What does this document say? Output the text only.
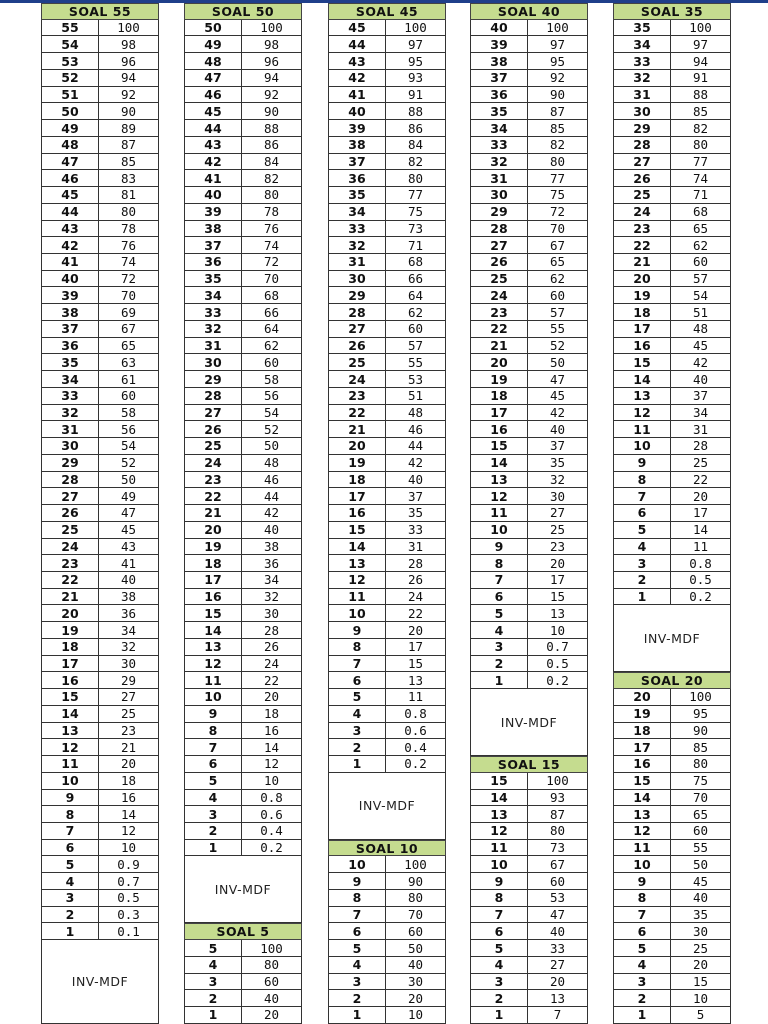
SOAL 55
55	100
54	98
53	96
52	94
51	92
50	90
49	89
48	87
47	85
46	83
45	81
44	80
43	78
42	76
41	74
40	72
39	70
38	69
37	67
36	65
35	63
34	61
33	60
32	58
31	56
30	54
29	52
28	50
27	49
26	47
25	45
24	43
23	41
22	40
21	38
20	36
19	34
18	32
17	30
16	29
15	27
14	25
13	23
12	21
11	20
10	18
9	16
8	14
7	12
6	10
5	0.9
4	0.7
3	0.5
2	0.3
1	0.1
INV-MDF
SOAL 50
50	100
49	98
48	96
47	94
46	92
45	90
44	88
43	86
42	84
41	82
40	80
39	78
38	76
37	74
36	72
35	70
34	68
33	66
32	64
31	62
30	60
29	58
28	56
27	54
26	52
25	50
24	48
23	46
22	44
21	42
20	40
19	38
18	36
17	34
16	32
15	30
14	28
13	26
12	24
11	22
10	20
9	18
8	16
7	14
6	12
5	10
4	0.8
3	0.6
2	0.4
1	0.2
INV-MDF
SOAL 5
5	100
4	80
3	60
2	40
1	20
SOAL 45
45	100
44	97
43	95
42	93
41	91
40	88
39	86
38	84
37	82
36	80
35	77
34	75
33	73
32	71
31	68
30	66
29	64
28	62
27	60
26	57
25	55
24	53
23	51
22	48
21	46
20	44
19	42
18	40
17	37
16	35
15	33
14	31
13	28
12	26
11	24
10	22
9	20
8	17
7	15
6	13
5	11
4	0.8
3	0.6
2	0.4
1	0.2
INV-MDF
SOAL 10
10	100
9	90
8	80
7	70
6	60
5	50
4	40
3	30
2	20
1	10
SOAL 40
40	100
39	97
38	95
37	92
36	90
35	87
34	85
33	82
32	80
31	77
30	75
29	72
28	70
27	67
26	65
25	62
24	60
23	57
22	55
21	52
20	50
19	47
18	45
17	42
16	40
15	37
14	35
13	32
12	30
11	27
10	25
9	23
8	20
7	17
6	15
5	13
4	10
3	0.7
2	0.5
1	0.2
INV-MDF
SOAL 15
15	100
14	93
13	87
12	80
11	73
10	67
9	60
8	53
7	47
6	40
5	33
4	27
3	20
2	13
1	7
SOAL 35
35	100
34	97
33	94
32	91
31	88
30	85
29	82
28	80
27	77
26	74
25	71
24	68
23	65
22	62
21	60
20	57
19	54
18	51
17	48
16	45
15	42
14	40
13	37
12	34
11	31
10	28
9	25
8	22
7	20
6	17
5	14
4	11
3	0.8
2	0.5
1	0.2
INV-MDF
SOAL 20
20	100
19	95
18	90
17	85
16	80
15	75
14	70
13	65
12	60
11	55
10	50
9	45
8	40
7	35
6	30
5	25
4	20
3	15
2	10
1	5
